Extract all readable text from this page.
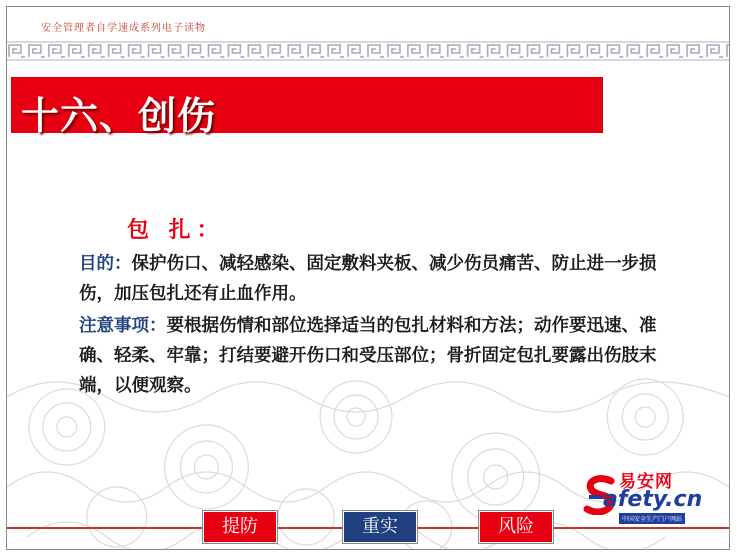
安全管理者自学速成系列电子读物
十六、创伤
包 扎：

目的：保护伤口、减轻感染、固定敷料夹板、减少伤员痛苦、防止进一步损伤，加压包扎还有止血作用。

注意事项：要根据伤情和部位选择适当的包扎材料和方法；动作要迅速、准确、轻柔、牢靠；打结要避开伤口和受压部位；骨折固定包扎要露出伤肢末端，以便观察。

易安网
afety.cn
中国安全生产门户网站
提防	重实	风险
